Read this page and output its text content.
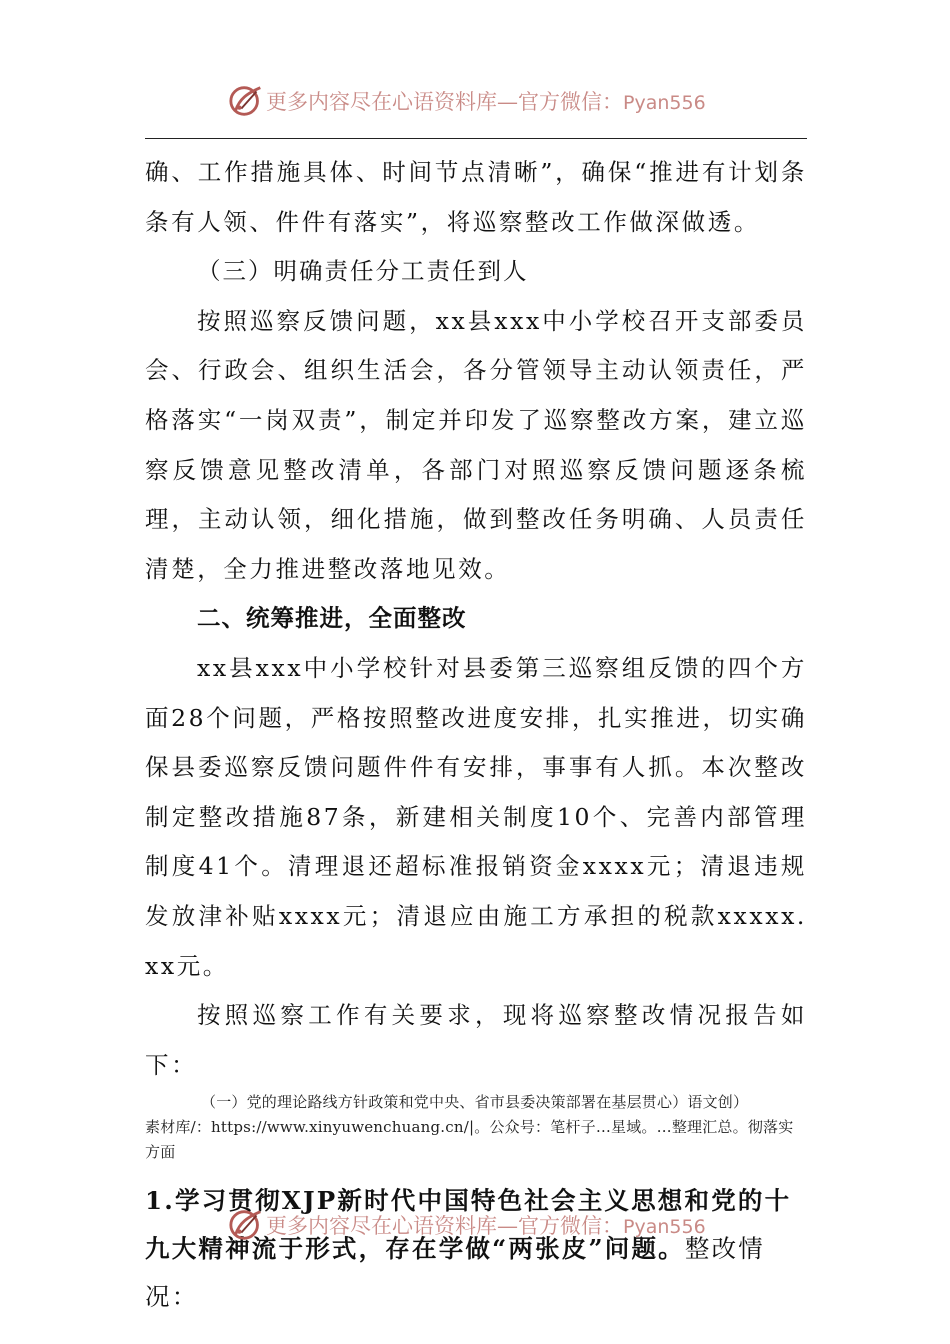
更多内容尽在心语资料库—官方微信：Pyan556

确、工作措施具体、时间节点清晰”，确保“推进有计划条条有人领、件件有落实”，将巡察整改工作做深做透。

（三）明确责任分工责任到人

按照巡察反馈问题，xx县xxx中小学校召开支部委员会、行政会、组织生活会，各分管领导主动认领责任，严格落实“一岗双责”，制定并印发了巡察整改方案，建立巡察反馈意见整改清单，各部门对照巡察反馈问题逐条梳理，主动认领，细化措施，做到整改任务明确、人员责任清楚，全力推进整改落地见效。

二、统筹推进，全面整改

xx县xxx中小学校针对县委第三巡察组反馈的四个方面28个问题，严格按照整改进度安排，扎实推进，切实确保县委巡察反馈问题件件有安排，事事有人抓。本次整改制定整改措施87条，新建相关制度10个、完善内部管理制度41个。清理退还超标准报销资金xxxx元；清退违规发放津补贴xxxx元；清退应由施工方承担的税款xxxxx.xx元。

按照巡察工作有关要求，现将巡察整改情况报告如下：

（一）党的理论路线方针政策和党中央、省市县委决策部署在基层贯心）语文创）
素材库/：https://www.xinyuwenchuang.cn/|。公众号：笔杆子…星域。…整理汇总。彻落实方面

1.学习贯彻XJP新时代中国特色社会主义思想和党的十九大精神流于形式，存在学做“两张皮”问题。整改情况：

更多内容尽在心语资料库—官方微信：Pyan556
